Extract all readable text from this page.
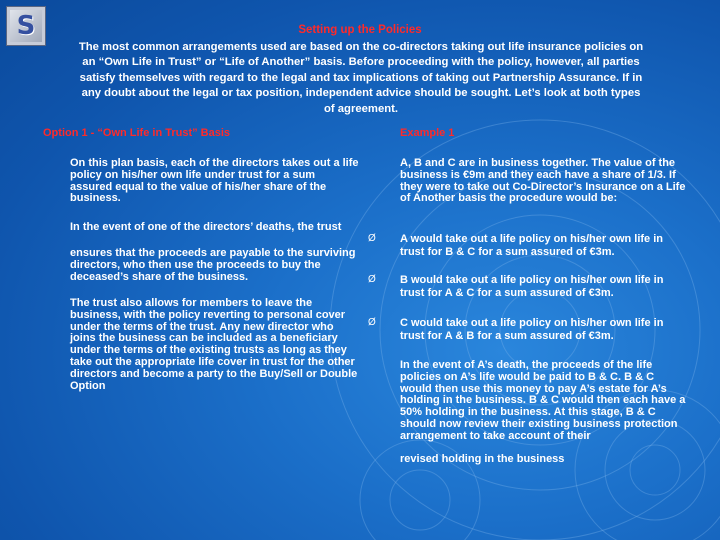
S	Setting up the Policies
The most common arrangements used are based on the co-directors taking out life insurance policies on an “Own Life in Trust” or “Life of Another” basis. Before proceeding with the policy, however, all parties satisfy themselves with regard to the legal and tax implications of taking out Partnership Assurance. If in any doubt about the legal or tax position, independent advice should be sought. Let’s look at both types of agreement.
Option 1 - “Own Life in Trust” Basis	Example 1
On this plan basis, each of the directors takes out a life policy on his/her own life under trust for a sum assured equal to the value of his/her share of the business.
In the event of one of the directors’ deaths, the trust
ensures that the proceeds are payable to the surviving directors, who then use the proceeds to buy the deceased’s share of the business.
The trust also allows for members to leave the business, with the policy reverting to personal cover under the terms of the trust. Any new director who joins the business can be included as a beneficiary under the terms of the existing trusts as long as they take out the appropriate life cover in trust for the other directors and become a party to the Buy/Sell or Double Option
A, B and C are in business together. The value of the business is €9m and they each have a share of 1/3. If they were to take out Co-Director’s Insurance on a Life of Another basis the procedure would be:
Ø A would take out a life policy on his/her own life in trust for B & C for a sum assured of €3m.
Ø B would take out a life policy on his/her own life in trust for A & C for a sum assured of €3m.
Ø C would take out a life policy on his/her own life in trust for A & B for a sum assured of €3m.
In the event of A’s death, the proceeds of the life policies on A’s life would be paid to B & C. B & C would then use this money to pay A’s estate for A’s holding in the business. B & C would then each have a 50% holding in the business. At this stage, B & C should now review their existing business protection arrangement to take account of their
revised holding in the business
